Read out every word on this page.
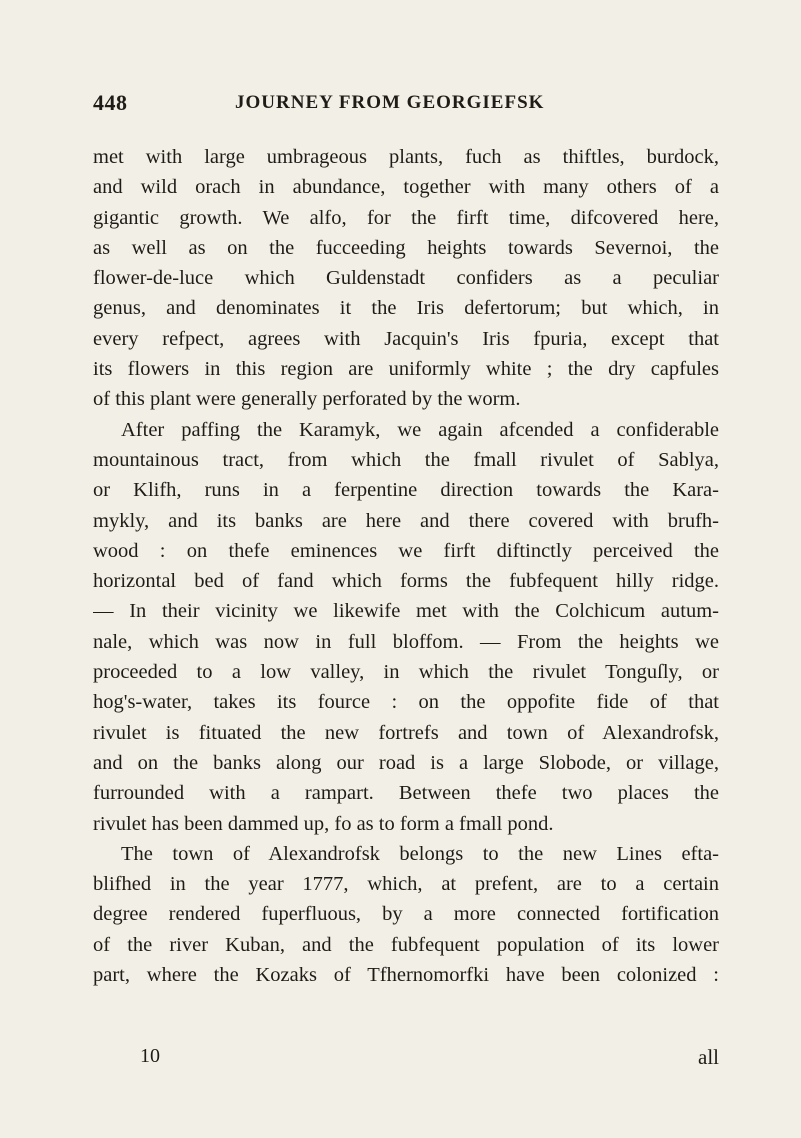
448	JOURNEY FROM GEORGIEFSK
met with large umbrageous plants, fuch as thiftles, burdock,
and wild orach in abundance, together with many others of a
gigantic growth. We alfo, for the firft time, difcovered here,
as well as on the fucceeding heights towards Severnoi, the
flower-de-luce which Guldenstadt confiders as a peculiar
genus, and denominates it the Iris defertorum; but which, in
every refpect, agrees with Jacquin's Iris fpuria, except that
its flowers in this region are uniformly white ; the dry capfules
of this plant were generally perforated by the worm.
After paffing the Karamyk, we again afcended a confiderable
mountainous tract, from which the fmall rivulet of Sablya,
or Klifh, runs in a ferpentine direction towards the Kara-
mykly, and its banks are here and there covered with brufh-
wood : on thefe eminences we firft diftinctly perceived the
horizontal bed of fand which forms the fubfequent hilly ridge.
— In their vicinity we likewife met with the Colchicum autum-
nale, which was now in full bloffom. — From the heights we
proceeded to a low valley, in which the rivulet Tonguſly, or
hog's-water, takes its fource : on the oppofite fide of that
rivulet is fituated the new fortrefs and town of Alexandrofsk,
and on the banks along our road is a large Slobode, or village,
furrounded with a rampart. Between thefe two places the
rivulet has been dammed up, fo as to form a fmall pond.
The town of Alexandrofsk belongs to the new Lines efta-
blifhed in the year 1777, which, at prefent, are to a certain
degree rendered fuperfluous, by a more connected fortification
of the river Kuban, and the fubfequent population of its lower
part, where the Kozaks of Tfhernomorfki have been colonized :
10	all
